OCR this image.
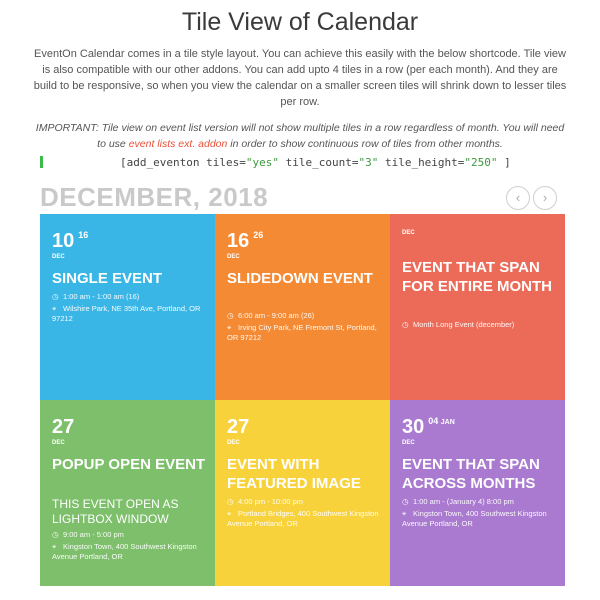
Tile View of Calendar

EventOn Calendar comes in a tile style layout. You can achieve this easily with the below shortcode. Tile view is also compatible with our other addons. You can add upto 4 tiles in a row (per each month). And they are build to be responsive, so when you view the calendar on a smaller screen tiles will shrink down to lesser tiles per row.

IMPORTANT: Tile view on event list version will not show multiple tiles in a row regardless of month. You will need to use event lists ext. addon in order to show continuous row of tiles from other months.

[add_eventon tiles="yes" tile_count="3" tile_height="250" ]
DECEMBER, 2018	‹	›
10 $^{16}$
DEC
SINGLE EVENT
◷ 1:00 am - 1:00 am (16)
⌖ Wilshire Park, NE 35th Ave, Portland, OR 97212
16 $^{26}$
DEC
SLIDEDOWN EVENT
◷ 6:00 am - 9:00 am (26)
⌖ Irving City Park, NE Fremont St, Portland, OR 97212
DEC
EVENT THAT SPAN FOR ENTIRE MONTH
◷ Month Long Event (december)
27
DEC
POPUP OPEN EVENT
THIS EVENT OPEN AS LIGHTBOX WINDOW
◷ 9:00 am - 5:00 pm
⌖ Kingston Town, 400 Southwest Kingston Avenue Portland, OR
27
DEC
EVENT WITH FEATURED IMAGE
◷ 4:00 pm - 10:00 pm
⌖ Portland Bridges, 400 Southwest Kingston Avenue Portland, OR
30 $^{04 JAN}$
DEC
EVENT THAT SPAN ACROSS MONTHS
◷ 1:00 am - (January 4) 8:00 pm
⌖ Kingston Town, 400 Southwest Kingston Avenue Portland, OR
